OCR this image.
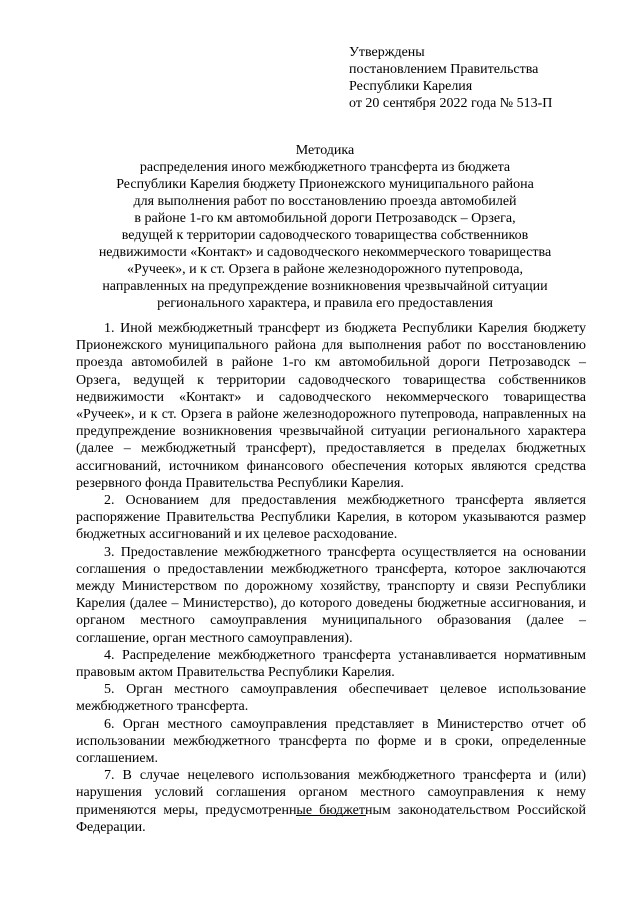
Утверждены
постановлением Правительства
Республики Карелия
от 20 сентября 2022 года № 513-П
Методика
распределения иного межбюджетного трансферта из бюджета
Республики Карелия бюджету Прионежского муниципального района
для выполнения работ по восстановлению проезда автомобилей
в районе 1-го км автомобильной дороги Петрозаводск – Орзега,
ведущей к территории садоводческого товарищества собственников
недвижимости «Контакт» и садоводческого некоммерческого товарищества
«Ручеек», и к ст. Орзега в районе железнодорожного путепровода,
направленных на предупреждение возникновения чрезвычайной ситуации
регионального характера, и правила его предоставления

1. Иной межбюджетный трансферт из бюджета Республики Карелия бюджету Прионежского муниципального района для выполнения работ по восстановлению проезда автомобилей в районе 1-го км автомобильной дороги Петрозаводск – Орзега, ведущей к территории садоводческого товарищества собственников недвижимости «Контакт» и садоводческого некоммерческого товарищества «Ручеек», и к ст. Орзега в районе железнодорожного путепровода, направленных на предупреждение возникновения чрезвычайной ситуации регионального характера (далее – межбюджетный трансферт), предоставляется в пределах бюджетных ассигнований, источником финансового обеспечения которых являются средства резервного фонда Правительства Республики Карелия.

2. Основанием для предоставления межбюджетного трансферта является распоряжение Правительства Республики Карелия, в котором указываются размер бюджетных ассигнований и их целевое расходование.

3. Предоставление межбюджетного трансферта осуществляется на основании соглашения о предоставлении межбюджетного трансферта, которое заключаются между Министерством по дорожному хозяйству, транспорту и связи Республики Карелия (далее – Министерство), до которого доведены бюджетные ассигнования, и органом местного самоуправления муниципального образования (далее – соглашение, орган местного самоуправления).

4. Распределение межбюджетного трансферта устанавливается нормативным правовым актом Правительства Республики Карелия.

5. Орган местного самоуправления обеспечивает целевое использование межбюджетного трансферта.

6. Орган местного самоуправления представляет в Министерство отчет об использовании межбюджетного трансферта по форме и в сроки, определенные соглашением.

7. В случае нецелевого использования межбюджетного трансферта и (или) нарушения условий соглашения органом местного самоуправления к нему применяются меры, предусмотренные бюджетным законодательством Российской Федерации.
